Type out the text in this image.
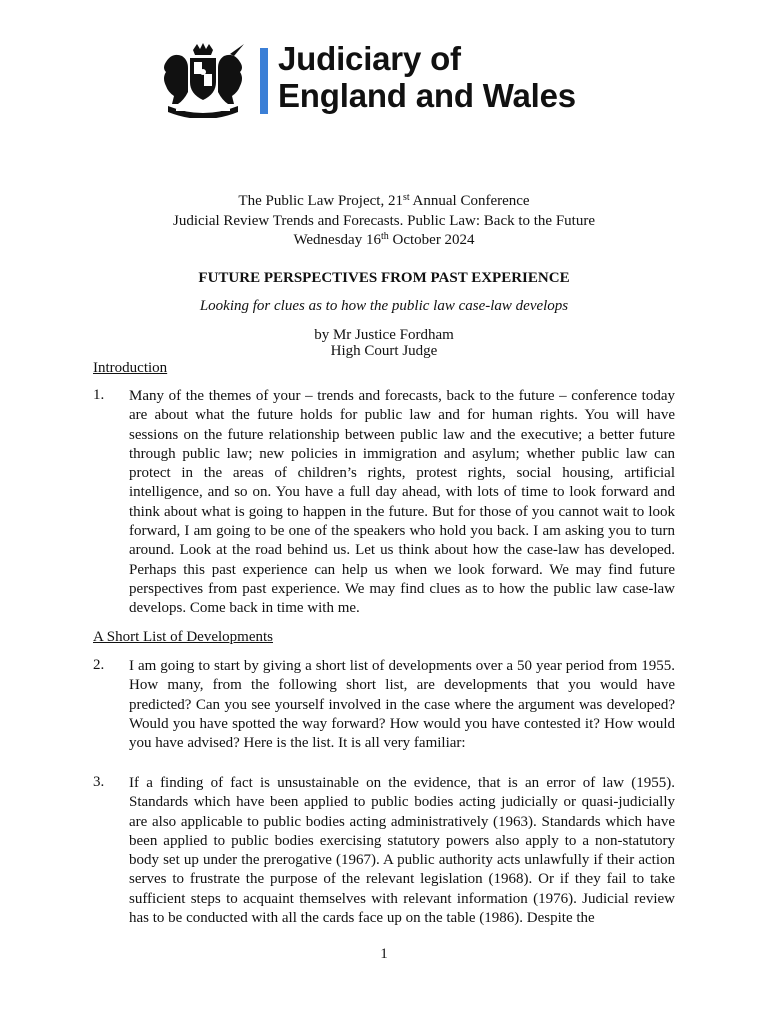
Judiciary of
England and Wales
The Public Law Project, 21st Annual Conference
Judicial Review Trends and Forecasts. Public Law: Back to the Future
Wednesday 16th October 2024
FUTURE PERSPECTIVES FROM PAST EXPERIENCE
Looking for clues as to how the public law case-law develops
by Mr Justice Fordham
High Court Judge
Introduction
1. Many of the themes of your – trends and forecasts, back to the future – conference today are about what the future holds for public law and for human rights. You will have sessions on the future relationship between public law and the executive; a better future through public law; new policies in immigration and asylum; whether public law can protect in the areas of children’s rights, protest rights, social housing, artificial intelligence, and so on. You have a full day ahead, with lots of time to look forward and think about what is going to happen in the future. But for those of you cannot wait to look forward, I am going to be one of the speakers who hold you back. I am asking you to turn around. Look at the road behind us. Let us think about how the case-law has developed. Perhaps this past experience can help us when we look forward. We may find future perspectives from past experience. We may find clues as to how the public law case-law develops. Come back in time with me.
A Short List of Developments
2. I am going to start by giving a short list of developments over a 50 year period from 1955. How many, from the following short list, are developments that you would have predicted? Can you see yourself involved in the case where the argument was developed? Would you have spotted the way forward? How would you have contested it? How would you have advised? Here is the list. It is all very familiar:
3. If a finding of fact is unsustainable on the evidence, that is an error of law (1955). Standards which have been applied to public bodies acting judicially or quasi-judicially are also applicable to public bodies acting administratively (1963). Standards which have been applied to public bodies exercising statutory powers also apply to a non-statutory body set up under the prerogative (1967). A public authority acts unlawfully if their action serves to frustrate the purpose of the relevant legislation (1968). Or if they fail to take sufficient steps to acquaint themselves with relevant information (1976). Judicial review has to be conducted with all the cards face up on the table (1986). Despite the
1
